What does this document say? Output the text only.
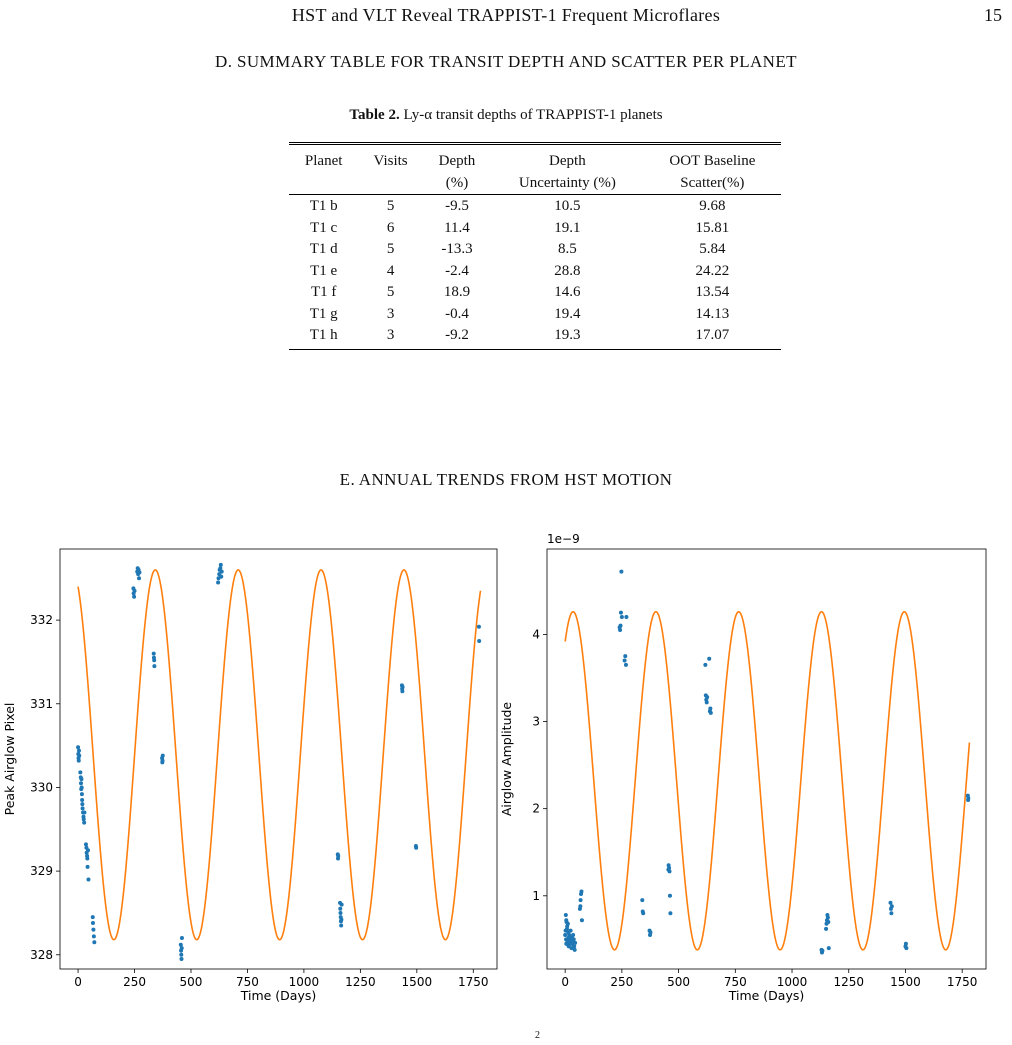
HST and VLT Reveal TRAPPIST-1 Frequent Microflares	15
D. SUMMARY TABLE FOR TRANSIT DEPTH AND SCATTER PER PLANET
Table 2. Ly-α transit depths of TRAPPIST-1 planets
Planet	Visits	Depth	Depth	OOT Baseline
		(%)	Uncertainty (%)	Scatter(%)
T1 b	5	-9.5	10.5	9.68
T1 c	6	11.4	19.1	15.81
T1 d	5	-13.3	8.5	5.84
T1 e	4	-2.4	28.8	24.22
T1 f	5	18.9	14.6	13.54
T1 g	3	-0.4	19.4	14.13
T1 h	3	-9.2	19.3	17.07
E. ANNUAL TRENDS FROM HST MOTION
0	250	500	750 1000 1250 1500 1750
328
329
330
331
332
Time (Days)
Peak Airglow Pixel
0	250	500	750 1000 1250 1500 1750
1
2
3
4
Time (Days)
Airglow Amplitude
1e−9
2
